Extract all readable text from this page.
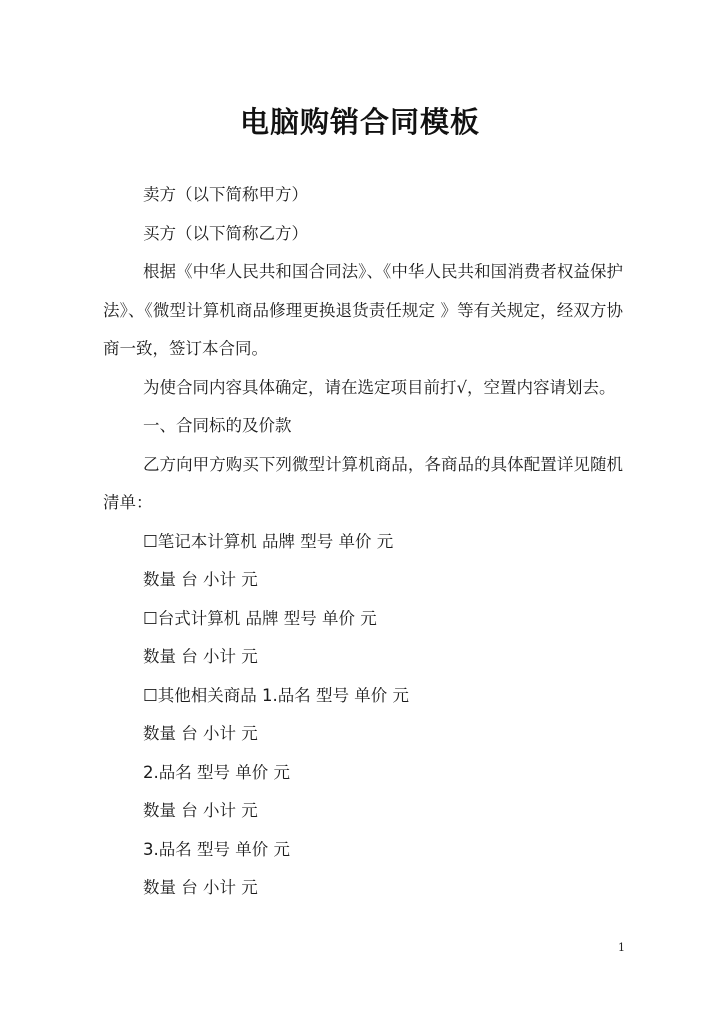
电脑购销合同模板

卖方（以下简称甲方）

买方（以下简称乙方）

根据《中华人民共和国合同法》、《中华人民共和国消费者权益保护法》、《微型计算机商品修理更换退货责任规定 》等有关规定，经双方协商一致，签订本合同。

为使合同内容具体确定，请在选定项目前打√，空置内容请划去。

一、合同标的及价款

乙方向甲方购买下列微型计算机商品，各商品的具体配置详见随机清单：

☐笔记本计算机 品牌 型号 单价 元

数量 台 小计 元

☐台式计算机 品牌 型号 单价 元

数量 台 小计 元

☐其他相关商品 1.品名 型号 单价 元

数量 台 小计 元

2.品名 型号 单价 元

数量 台 小计 元

3.品名 型号 单价 元

数量 台 小计 元

1
